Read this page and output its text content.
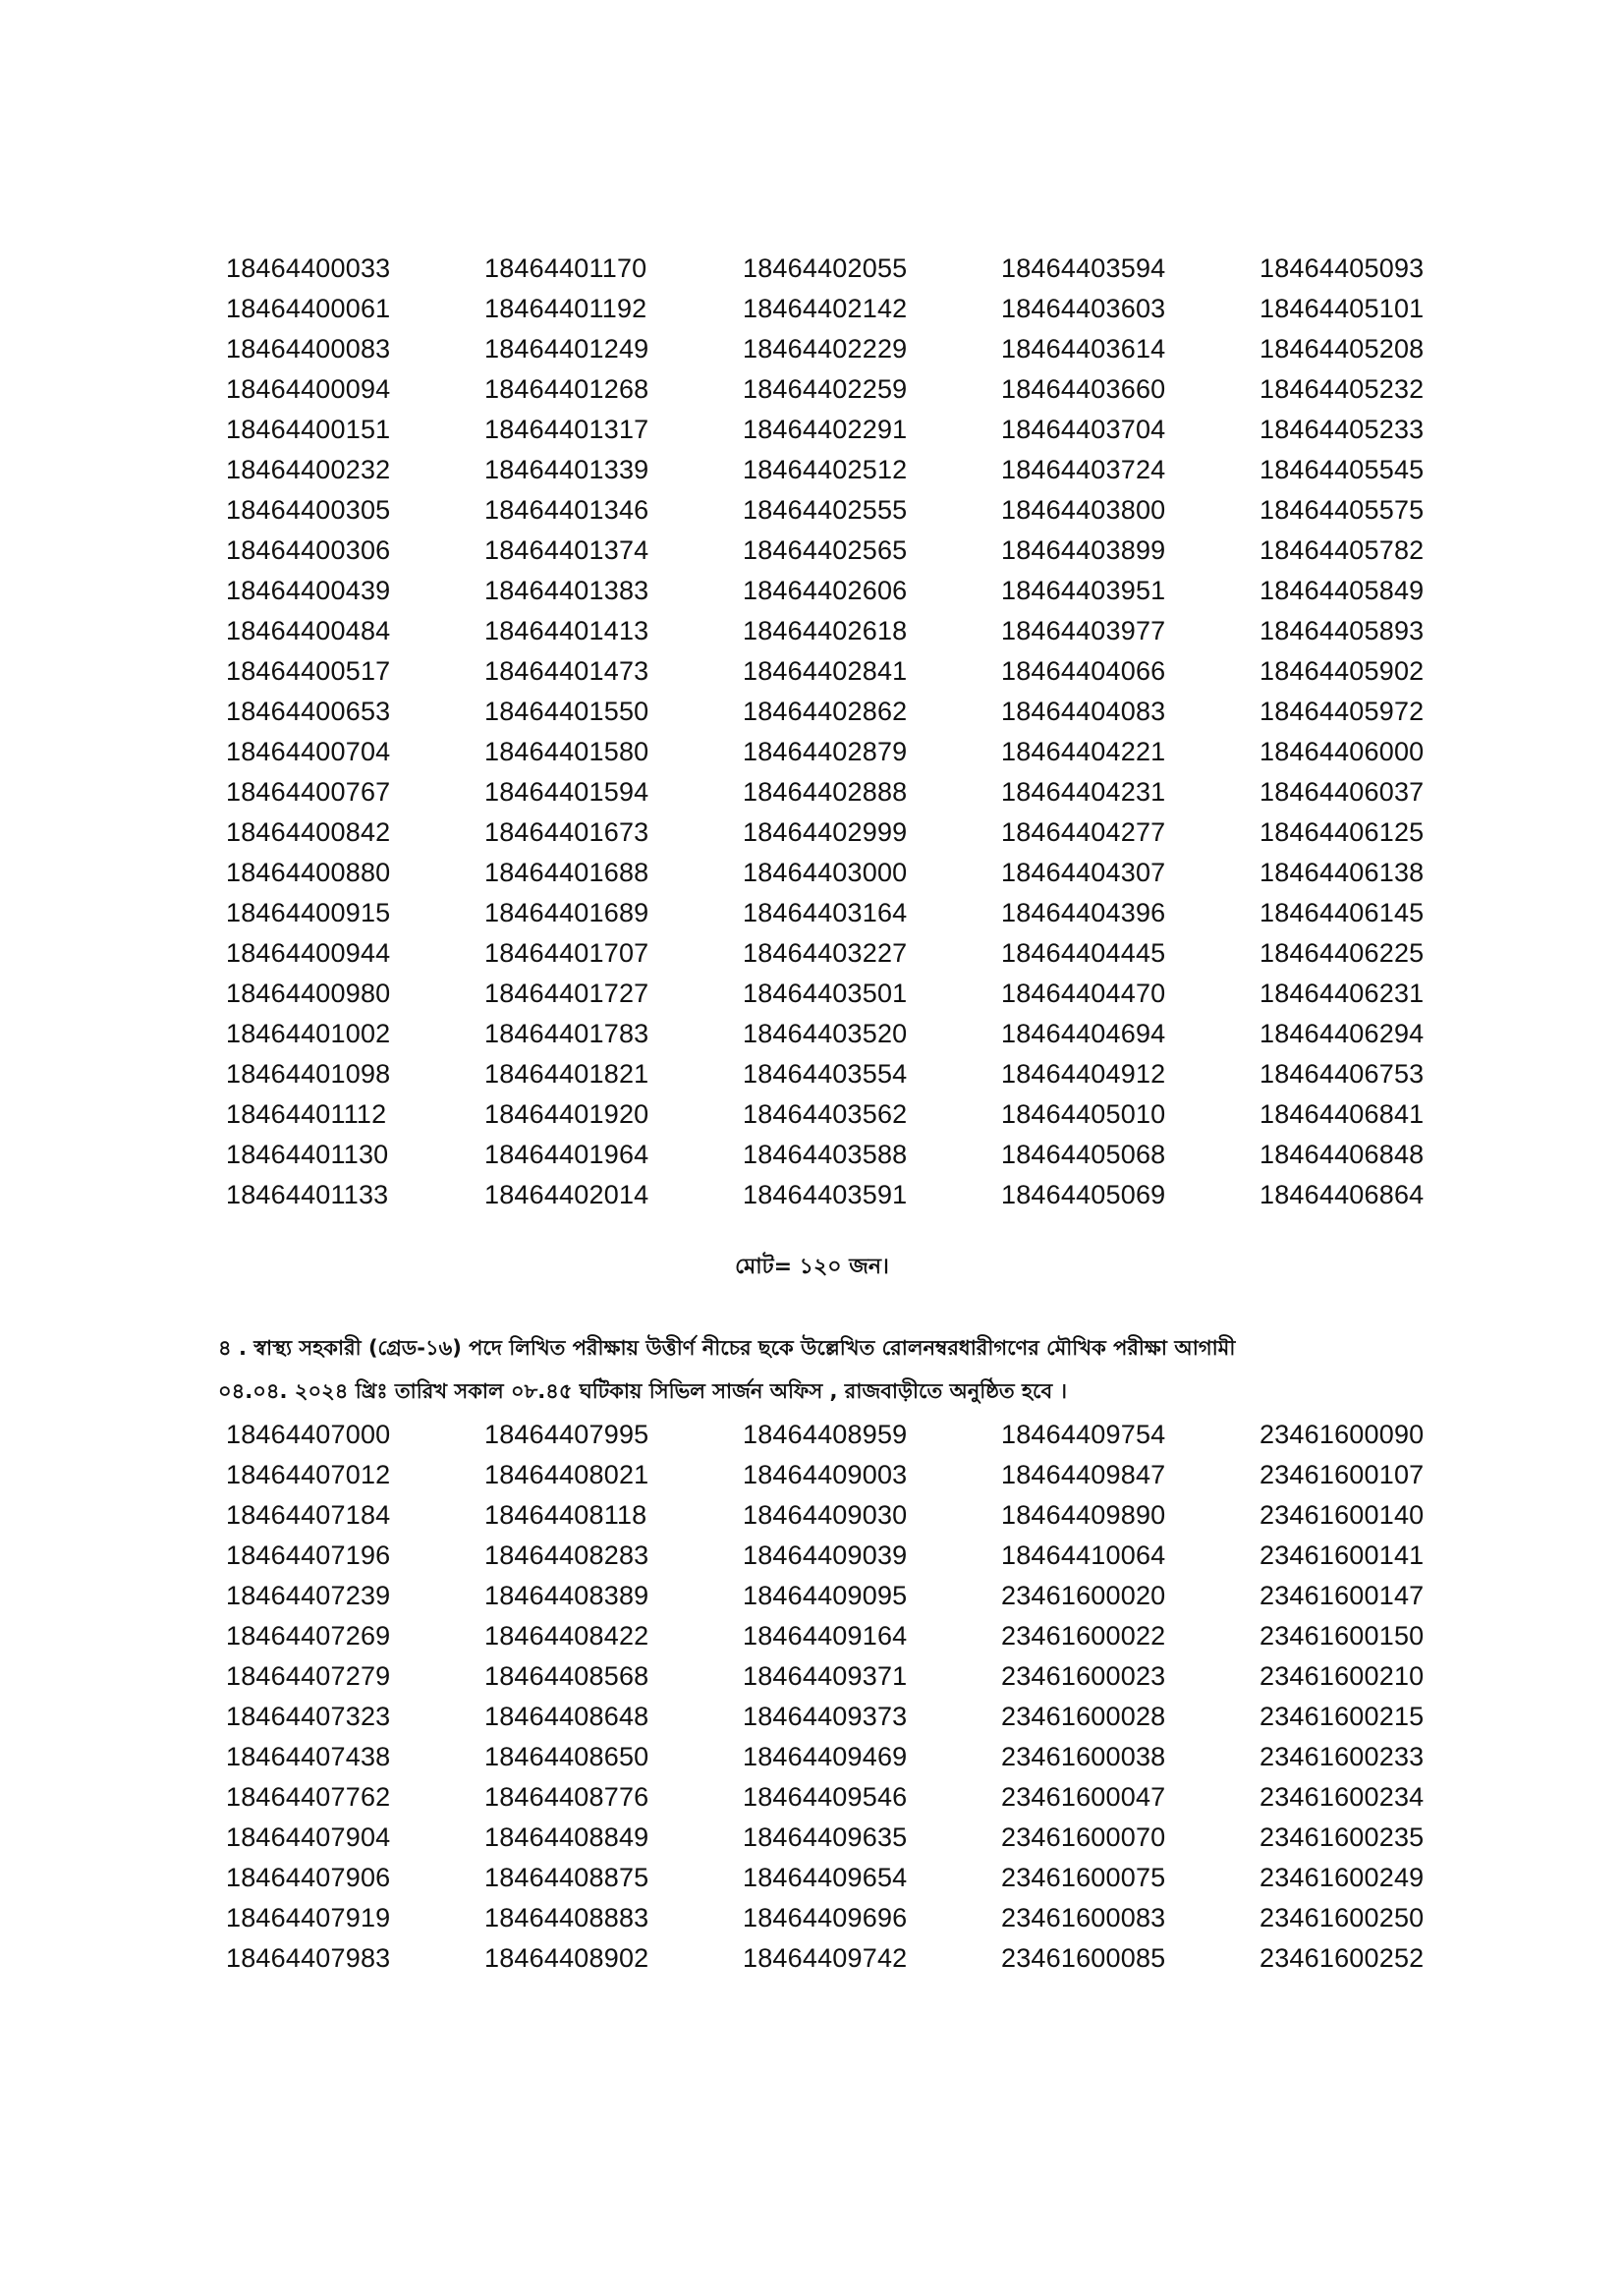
18464400033	18464401170	18464402055	18464403594	18464405093
18464400061	18464401192	18464402142	18464403603	18464405101
18464400083	18464401249	18464402229	18464403614	18464405208
18464400094	18464401268	18464402259	18464403660	18464405232
18464400151	18464401317	18464402291	18464403704	18464405233
18464400232	18464401339	18464402512	18464403724	18464405545
18464400305	18464401346	18464402555	18464403800	18464405575
18464400306	18464401374	18464402565	18464403899	18464405782
18464400439	18464401383	18464402606	18464403951	18464405849
18464400484	18464401413	18464402618	18464403977	18464405893
18464400517	18464401473	18464402841	18464404066	18464405902
18464400653	18464401550	18464402862	18464404083	18464405972
18464400704	18464401580	18464402879	18464404221	18464406000
18464400767	18464401594	18464402888	18464404231	18464406037
18464400842	18464401673	18464402999	18464404277	18464406125
18464400880	18464401688	18464403000	18464404307	18464406138
18464400915	18464401689	18464403164	18464404396	18464406145
18464400944	18464401707	18464403227	18464404445	18464406225
18464400980	18464401727	18464403501	18464404470	18464406231
18464401002	18464401783	18464403520	18464404694	18464406294
18464401098	18464401821	18464403554	18464404912	18464406753
18464401112	18464401920	18464403562	18464405010	18464406841
18464401130	18464401964	18464403588	18464405068	18464406848
18464401133	18464402014	18464403591	18464405069	18464406864
মোট= ১২০ জন।
৪ . স্বাস্থ্য সহকারী (গ্রেড-১৬) পদে লিখিত পরীক্ষায় উত্তীর্ণ নীচের ছকে উল্লেখিত রোলনম্বরধারীগণের মৌখিক পরীক্ষা আগামী
০৪.০৪. ২০২৪ খ্রিঃ তারিখ সকাল ০৮.৪৫ ঘটিকায় সিভিল সার্জন অফিস , রাজবাড়ীতে অনুষ্ঠিত হবে ।
18464407000	18464407995	18464408959	18464409754	23461600090
18464407012	18464408021	18464409003	18464409847	23461600107
18464407184	18464408118	18464409030	18464409890	23461600140
18464407196	18464408283	18464409039	18464410064	23461600141
18464407239	18464408389	18464409095	23461600020	23461600147
18464407269	18464408422	18464409164	23461600022	23461600150
18464407279	18464408568	18464409371	23461600023	23461600210
18464407323	18464408648	18464409373	23461600028	23461600215
18464407438	18464408650	18464409469	23461600038	23461600233
18464407762	18464408776	18464409546	23461600047	23461600234
18464407904	18464408849	18464409635	23461600070	23461600235
18464407906	18464408875	18464409654	23461600075	23461600249
18464407919	18464408883	18464409696	23461600083	23461600250
18464407983	18464408902	18464409742	23461600085	23461600252
